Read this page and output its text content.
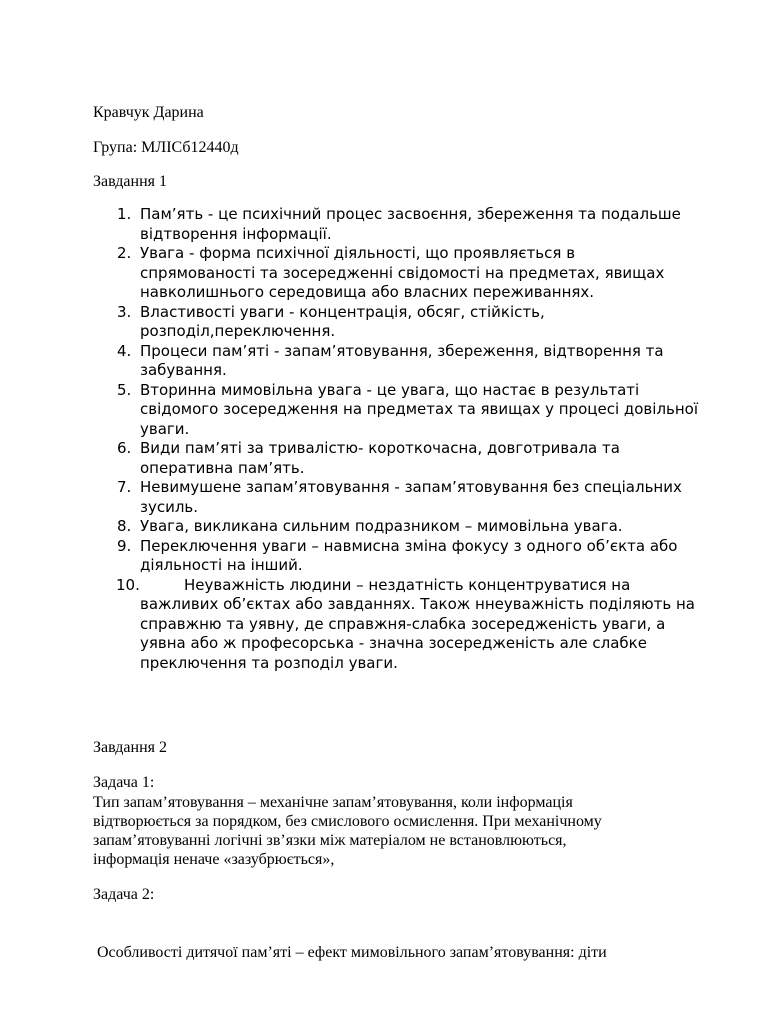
Кравчук Дарина

Група: МЛІСб12440д

Завдання 1

1. Пам’ять - це психічний процес засвоєння, збереження та подальше
відтворення інформації.
2. Увага - форма психічної діяльності, що проявляється в
спрямованості та зосередженні свідомості на предметах, явищах
навколишнього середовища або власних переживаннях.
3. Властивості уваги - концентрація, обсяг, стійкість,
розподіл,переключення.
4. Процеси пам’яті - запам’ятовування, збереження, відтворення та
забування.
5. Вторинна мимовільна увага - це увага, що настає в результаті
свідомого зосередження на предметах та явищах у процесі довільної
уваги.
6. Види пам’яті за тривалістю- короткочасна, довготривала та
оперативна пам’ять.
7. Невимушене запам’ятовування - запам’ятовування без спеціальних
зусиль.
8. Увага, викликана сильним подразником – мимовільна увага.
9. Переключення уваги – навмисна зміна фокусу з одного об’єкта або
діяльності на інший.
10.	Неуважність людини – нездатність концентруватися на
важливих об’єктах або завданнях. Також ннеуважність поділяють на
справжню та уявну, де справжня-слабка зосередженість уваги, а
уявна або ж професорська - значна зосередженість але слабке
преключення та розподіл уваги.

Завдання 2

Задача 1:

Тип запам’ятовування – механічне запам’ятовування, коли інформація
відтворюється за порядком, без смислового осмислення. При механічному
запам’ятовуванні логічні зв’язки між матеріалом не встановлюються,
інформація неначе «зазубрюється»,

Задача 2:

Особливості дитячої пам’яті – ефект мимовільного запам’ятовування: діти
